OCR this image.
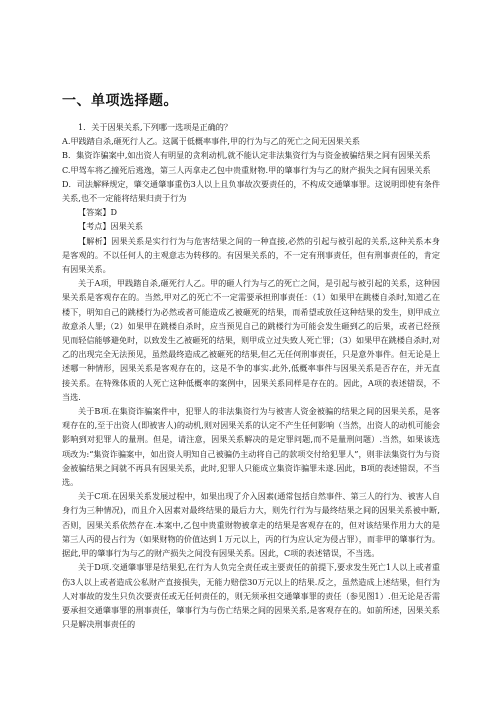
一、单项选择题。

1．关于因果关系,下列哪一选项是正确的？

A.甲践踏自杀,砸死行人乙。这属于低概率事件,甲的行为与乙的死亡之间无因果关系

B．集资诈骗案中,如出资人有明显的贪利动机,就不能认定非法集资行为与资金被骗结果之间有因果关系

C.甲驾车将乙撞死后逃逸，第三人丙拿走乙包中贵重财物.甲的肇事行为与乙的财产损失之间有因果关系

D．司法解释规定，肇交通肇事重伤3人以上且负事故次要责任的，不构成交通肇事罪。这说明即使有条件关系,也不一定能将结果归责于行为

【答案】D

【考点】因果关系

【解析】因果关系是实行行为与危害结果之间的一种直接,必然的引起与被引起的关系,这种关系本身是客观的。不以任何人的主观意志为转移的。有因果关系的，不一定有刑事责任，但有刑事责任的，肯定有因果关系。

关于A项，甲践踏自杀,砸死行人乙。甲的砸人行为与乙的死亡之间，是引起与被引起的关系，这种因果关系是客观存在的。当然,甲对乙的死亡不一定需要承担刑事责任：（1）如果甲在跳楼自杀时,知道乙在楼下，明知自己的跳楼行为必然或者可能造成乙被砸死的结果，而希望或放任这种结果的发生，则甲成立故意杀人罪;（2）如果甲在跳楼自杀时，应当预见自己的跳楼行为可能会发生砸到乙的后果，或者已经预见而轻信能够避免时，以致发生乙被砸死的结果，则甲成立过失致人死亡罪；（3）如果甲在跳楼自杀时,对乙的出现完全无法预见，虽然最终造成乙被砸死的结果,但乙无任何刑事责任，只是意外事件。但无论是上述哪一种情形，因果关系是客观存在的，这是不争的事实.此外,低概率事件与因果关系是否存在，并无直接关系。在特殊体质的人死亡这种低概率的案例中，因果关系同样是存在的。因此，A项的表述错误，不当选.

关于B项.在集资诈骗案件中，犯罪人的非法集资行为与被害人资金被骗的结果之间的因果关系，是客观存在的,至于出资人(即被害人)的动机,则对因果关系的认定不产生任何影响（当然，出资人的动机可能会影响到对犯罪人的量刑。但是，请注意，因果关系解决的是定罪问题,而不是量刑问题）.当然，如果该选项改为:“集资诈骗案中，如出资人明知自己被骗仍主动将自己的款项交付给犯罪人”，则非法集资行为与资金被骗结果之间就不再具有因果关系，此时,犯罪人只能成立集资诈骗罪未遂.因此，B项的表述错误，不当选。

关于C项.在因果关系发展过程中，如果出现了介入因素(通常包括自然事件、第三人的行为、被害人自身行为三种情况)，而且介入因素对最终结果的最后力大，则先行行为与最终结果之间的因果关系被中断,否则，因果关系依然存在.本案中,乙包中贵重财物被拿走的结果是客观存在的，但对该结果作用力大的是第三人丙的侵占行为（如果财物的价值达到１万元以上，丙的行为应认定为侵占罪），而非甲的肇事行为。据此,甲的肇事行为与乙的财产损失之间没有因果关系。因此，C项的表述错误，不当选。

关于D项.交通肇事罪是结果犯,在行为人负完全责任或主要责任的前提下,要求发生死亡1人以上或者重伤3人以上或者造成公私财产直接损失，无能力赔偿30万元以上的结果.反之，虽然造成上述结果，但行为人对事故的发生只负次要责任或无任何责任的，则无须承担交通肇事罪的责任（参见图1）.但无论是否需要承担交通肇事罪的刑事责任，肇事行为与伤亡结果之间的因果关系,是客观存在的。如前所述，因果关系只是解决刑事责任的
